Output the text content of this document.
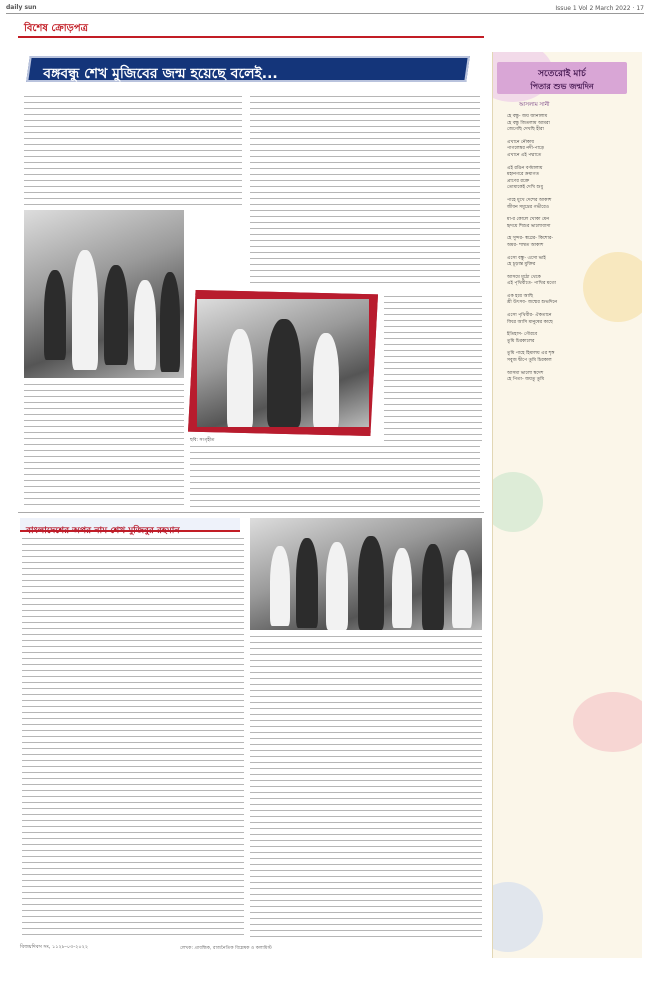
daily sun	Issue 1 Vol 2 March 2022 · 17
বিশেষ ক্রোড়পত্র
বঙ্গবন্ধু শেখ মুজিবের জন্ম হয়েছে বলেই...
ছবি: সংগৃহীত
বাংলাদেশের অপর নাম শেখ মুজিবুর রহমান
সতেরোই মার্চ
পিতার শুভ জন্মদিন
আসলাম সানী
হে বন্ধু- জয় জানালাম
হে বন্ধু জিতলাম আমরা
জেগেছি দেখছি হীরা
এখানে নৌকায়
পাগলেশ্বর নদী-পাড়ে
এখানে এই পদ্মাতে
এই রঙিন বর্ণমালায়
মহানগরে ক্রমাগত
প্রাণের রক্তে
তোমাকেই দেখি শুধু
পাহে মুখে দেশের আকাশ
জীবন সমুদ্রের গভীরেও
মা-র কোলে খোকা যেন
হৃদয়ে শিশুর ভালোবাসা
হে সুন্দর- স্বপ্নের- কিশোর-
অমর- শাশ্বত আকাশ
এসো বন্ধু- এসো ভাই
হে চূড়ান্ত মুক্তির
আসমে মুঠো থেকে
এই পৃথিবীতে- পাখির মতো
এক হয়ে আছি
শ্রী উৎসব- জন্মের শুভদিনে
এসো পৃথিবীর- ঐকতানে
ফিরে আসি মানুষের কাছে
ইতিহাস- গৌরবে
তুমি চিরকালের
তুমি পাহে হিমালয় এর শৃঙ্গ
সবুজ দ্বীপে তুমি চিরকাল
আসমা ভালো স্বদেশ
হে পিতা- জয়তু তুমি
বিজয়দিবস সং, ১১২৮-০৩-২০২২	লেখক: প্রাবন্ধিক, রাজনৈতিক বিশ্লেষক ও কলামিস্ট
